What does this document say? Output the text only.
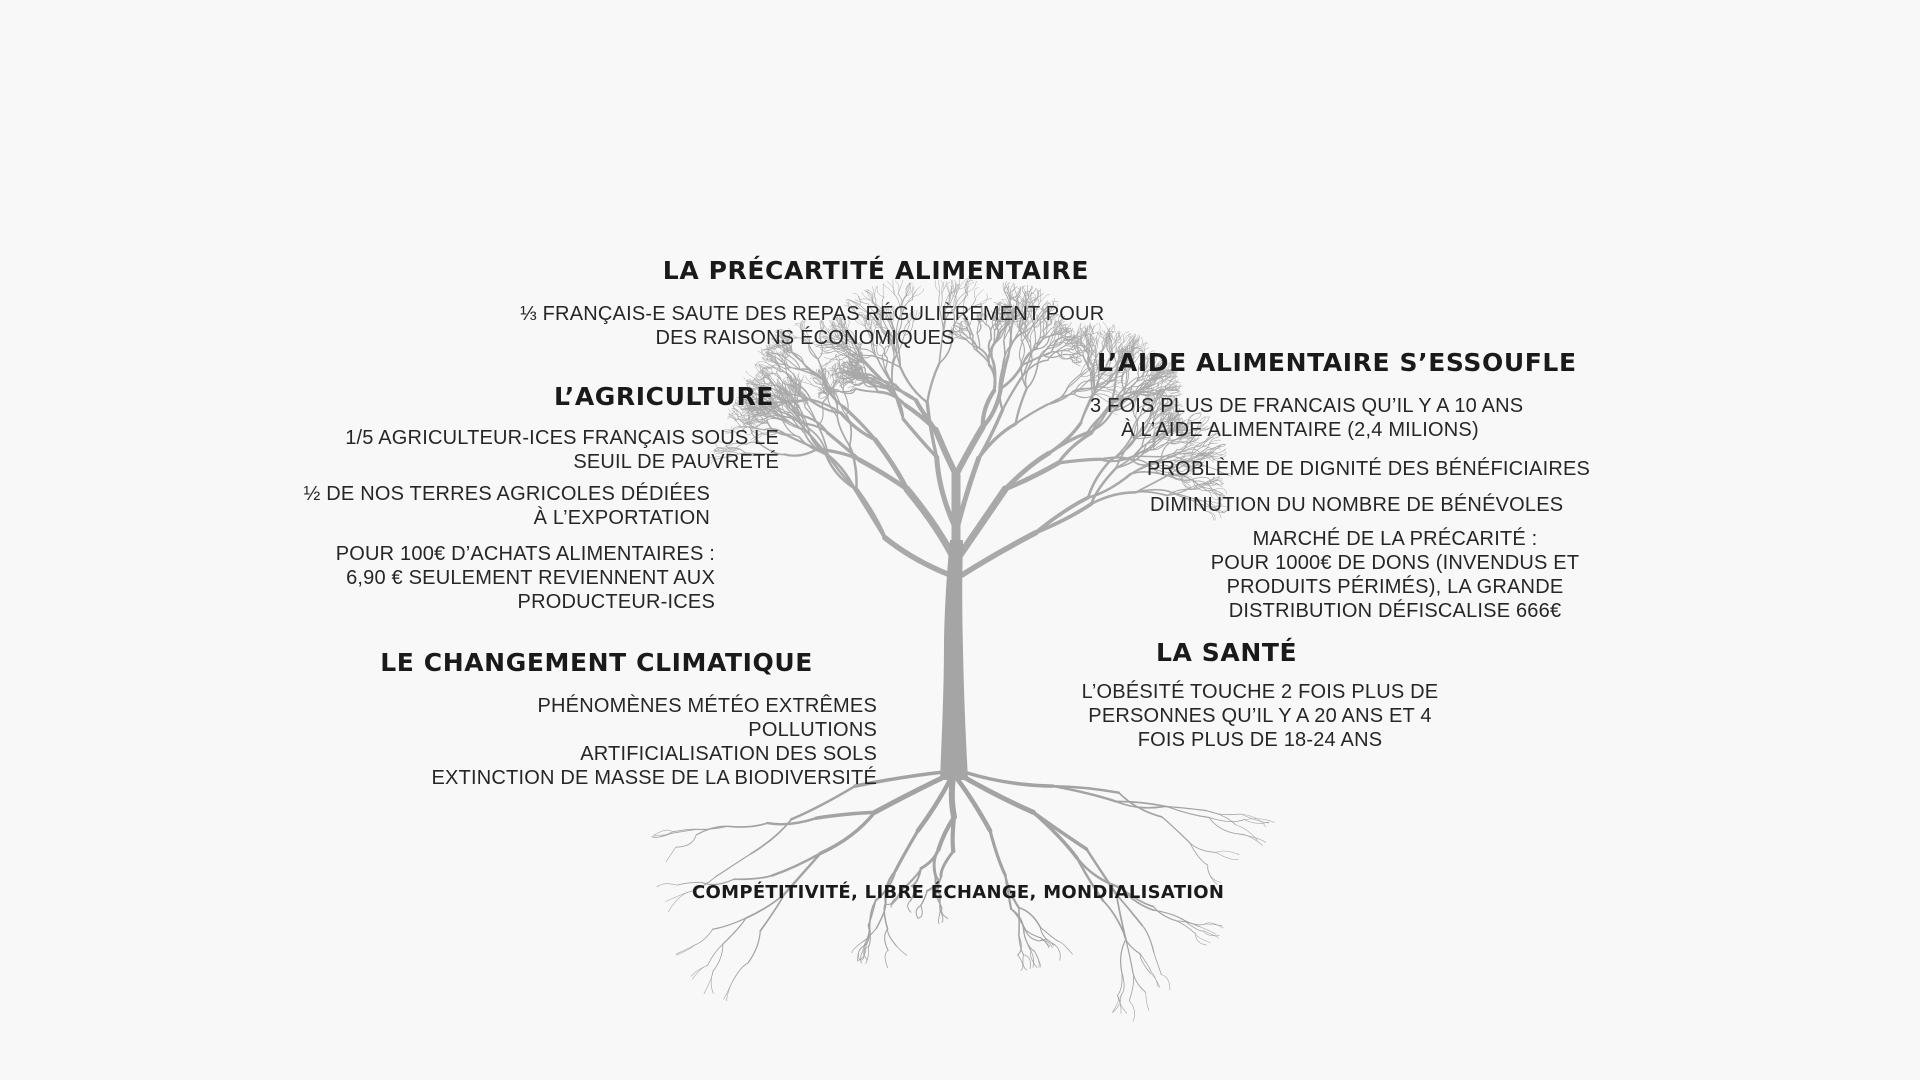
LA PRÉCARTITÉ ALIMENTAIRE
⅓ FRANÇAIS-E SAUTE DES REPAS RÉGULIÈREMENT POUR
DES RAISONS ÉCONOMIQUES
L’AGRICULTURE
1/5 AGRICULTEUR-ICES FRANÇAIS SOUS LE
SEUIL DE PAUVRETÉ
½ DE NOS TERRES AGRICOLES DÉDIÉES
À L’EXPORTATION
POUR 100€ D’ACHATS ALIMENTAIRES :
6,90 € SEULEMENT REVIENNENT AUX
PRODUCTEUR-ICES
LE CHANGEMENT CLIMATIQUE
PHÉNOMÈNES MÉTÉO EXTRÊMES
POLLUTIONS
ARTIFICIALISATION DES SOLS
EXTINCTION DE MASSE DE LA BIODIVERSITÉ
L’AIDE ALIMENTAIRE S’ESSOUFLE
3 FOIS PLUS DE FRANCAIS QU’IL Y A 10 ANS
À L’AIDE ALIMENTAIRE (2,4 MILIONS)
PROBLÈME DE DIGNITÉ DES BÉNÉFICIAIRES
DIMINUTION DU NOMBRE DE BÉNÉVOLES
MARCHÉ DE LA PRÉCARITÉ :
POUR 1000€ DE DONS (INVENDUS ET
PRODUITS PÉRIMÉS), LA GRANDE
DISTRIBUTION DÉFISCALISE 666€
LA SANTÉ
L’OBÉSITÉ TOUCHE 2 FOIS PLUS DE
PERSONNES QU’IL Y A 20 ANS ET 4
FOIS PLUS DE 18-24 ANS
COMPÉTITIVITÉ, LIBRE ÉCHANGE, MONDIALISATION
